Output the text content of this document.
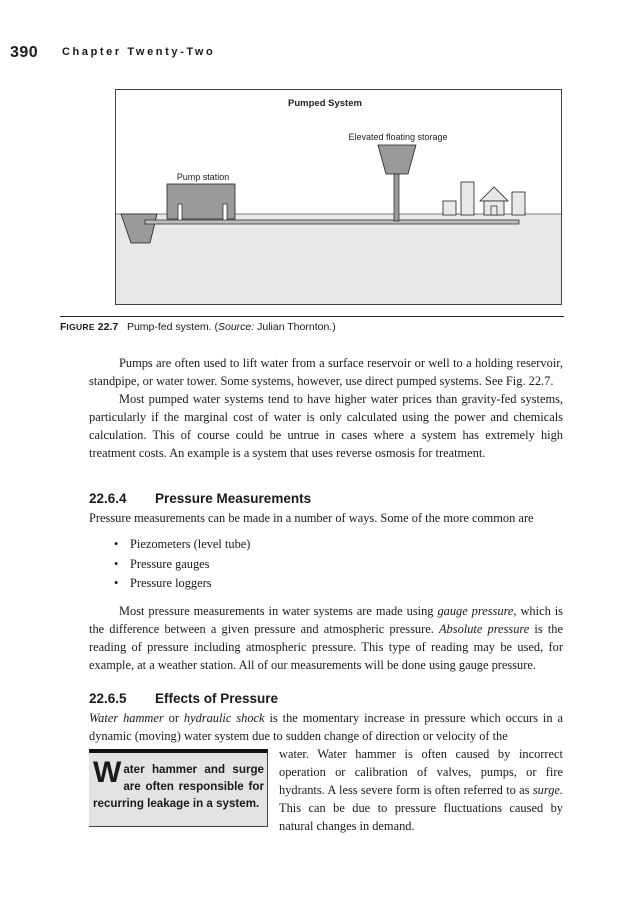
390 Chapter Twenty-Two
Pumped System
Elevated floating storage
Pump station
FIGURE 22.7 Pump-fed system. (Source: Julian Thornton.)

Pumps are often used to lift water from a surface reservoir or well to a holding reservoir, standpipe, or water tower. Some systems, however, use direct pumped systems. See Fig. 22.7.

Most pumped water systems tend to have higher water prices than gravity-fed systems, particularly if the marginal cost of water is only calculated using the power and chemicals calculation. This of course could be untrue in cases where a system has extremely high treatment costs. An example is a system that uses reverse osmosis for treatment.

22.6.4 Pressure Measurements
Pressure measurements can be made in a number of ways. Some of the more common are
• Piezometers (level tube)
• Pressure gauges
• Pressure loggers

Most pressure measurements in water systems are made using gauge pressure, which is the difference between a given pressure and atmospheric pressure. Absolute pressure is the reading of pressure including atmospheric pressure. This type of reading may be used, for example, at a weather station. All of our measurements will be done using gauge pressure.

22.6.5 Effects of Pressure

Water hammer or hydraulic shock is the momentary increase in pressure which occurs in a dynamic (moving) water system due to sudden change of direction or velocity of the

water. Water hammer is often caused by incorrect operation or calibration of valves, pumps, or fire hydrants. A less severe form is often referred to as surge. This can be due to pressure fluctuations caused by natural changes in demand.

Water hammer and surge are often responsible for recurring leakage in a system.
